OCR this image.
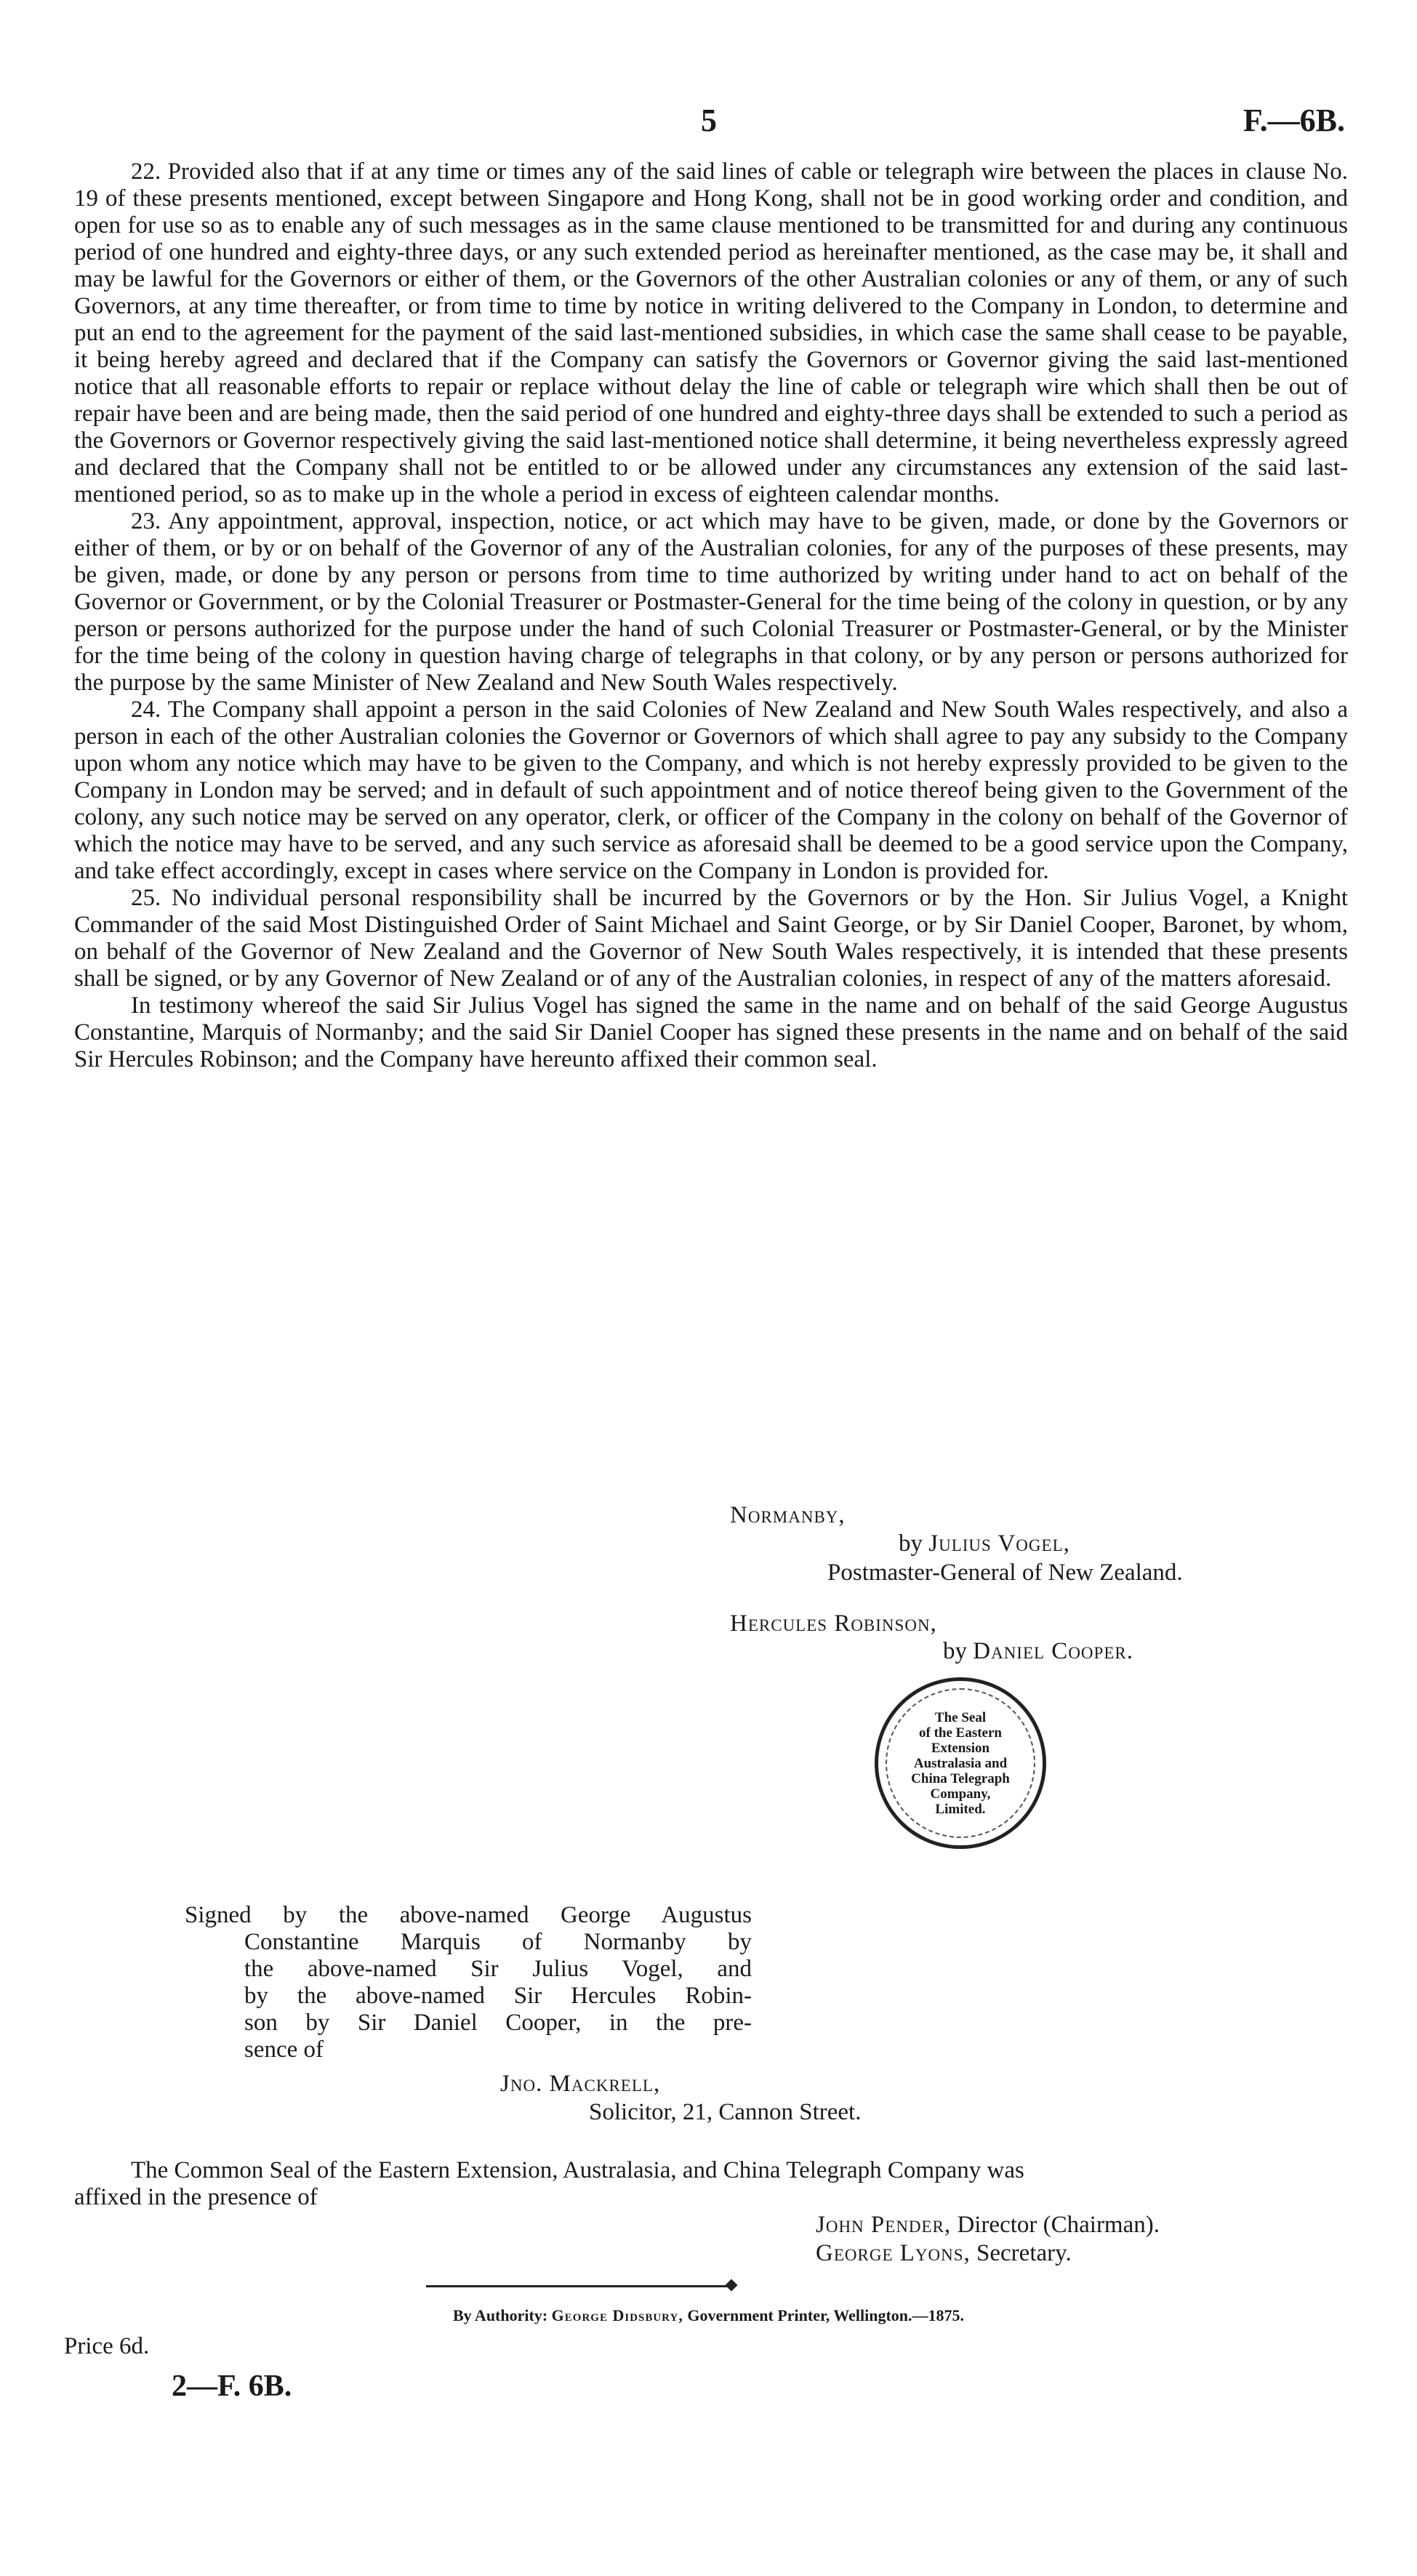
5	F.—6B.

22. Provided also that if at any time or times any of the said lines of cable or telegraph wire between the places in clause No. 19 of these presents mentioned, except between Singapore and Hong Kong, shall not be in good working order and condition, and open for use so as to enable any of such messages as in the same clause mentioned to be transmitted for and during any continuous period of one hundred and eighty-three days, or any such extended period as hereinafter mentioned, as the case may be, it shall and may be lawful for the Governors or either of them, or the Governors of the other Australian colonies or any of them, or any of such Governors, at any time thereafter, or from time to time by notice in writing delivered to the Company in London, to determine and put an end to the agreement for the payment of the said last-mentioned subsidies, in which case the same shall cease to be payable, it being hereby agreed and declared that if the Company can satisfy the Governors or Governor giving the said last-mentioned notice that all reasonable efforts to repair or replace without delay the line of cable or telegraph wire which shall then be out of repair have been and are being made, then the said period of one hundred and eighty-three days shall be extended to such a period as the Governors or Governor respectively giving the said last-mentioned notice shall determine, it being nevertheless expressly agreed and declared that the Company shall not be entitled to or be allowed under any circumstances any extension of the said last-mentioned period, so as to make up in the whole a period in excess of eighteen calendar months.

23. Any appointment, approval, inspection, notice, or act which may have to be given, made, or done by the Governors or either of them, or by or on behalf of the Governor of any of the Australian colonies, for any of the purposes of these presents, may be given, made, or done by any person or persons from time to time authorized by writing under hand to act on behalf of the Governor or Government, or by the Colonial Treasurer or Postmaster-General for the time being of the colony in question, or by any person or persons authorized for the purpose under the hand of such Colonial Treasurer or Postmaster-General, or by the Minister for the time being of the colony in question having charge of telegraphs in that colony, or by any person or persons authorized for the purpose by the same Minister of New Zealand and New South Wales respectively.

24. The Company shall appoint a person in the said Colonies of New Zealand and New South Wales respectively, and also a person in each of the other Australian colonies the Governor or Governors of which shall agree to pay any subsidy to the Company upon whom any notice which may have to be given to the Company, and which is not hereby expressly provided to be given to the Company in London may be served; and in default of such appointment and of notice thereof being given to the Government of the colony, any such notice may be served on any operator, clerk, or officer of the Company in the colony on behalf of the Governor of which the notice may have to be served, and any such service as aforesaid shall be deemed to be a good service upon the Company, and take effect accordingly, except in cases where service on the Company in London is provided for.

25. No individual personal responsibility shall be incurred by the Governors or by the Hon. Sir Julius Vogel, a Knight Commander of the said Most Distinguished Order of Saint Michael and Saint George, or by Sir Daniel Cooper, Baronet, by whom, on behalf of the Governor of New Zealand and the Governor of New South Wales respectively, it is intended that these presents shall be signed, or by any Governor of New Zealand or of any of the Australian colonies, in respect of any of the matters aforesaid.

In testimony whereof the said Sir Julius Vogel has signed the same in the name and on behalf of the said George Augustus Constantine, Marquis of Normanby; and the said Sir Daniel Cooper has signed these presents in the name and on behalf of the said Sir Hercules Robinson; and the Company have hereunto affixed their common seal.

Normanby,
by Julius Vogel,
Postmaster-General of New Zealand.
Hercules Robinson,
by Daniel Cooper.
The Seal
of the Eastern
Extension
Australasia and
China Telegraph
Company,
Limited.
Signed by the above-named George Augustus
Constantine Marquis of Normanby by
the above-named Sir Julius Vogel, and
by the above-named Sir Hercules Robin-
son by Sir Daniel Cooper, in the pre-
sence of
Jno. Mackrell,
Solicitor, 21, Cannon Street.
The Common Seal of the Eastern Extension, Australasia, and China Telegraph Company was
affixed in the presence of
John Pender, Director (Chairman).
George Lyons, Secretary.
By Authority: George Didsbury, Government Printer, Wellington.—1875.
Price 6d.
2—F. 6B.
